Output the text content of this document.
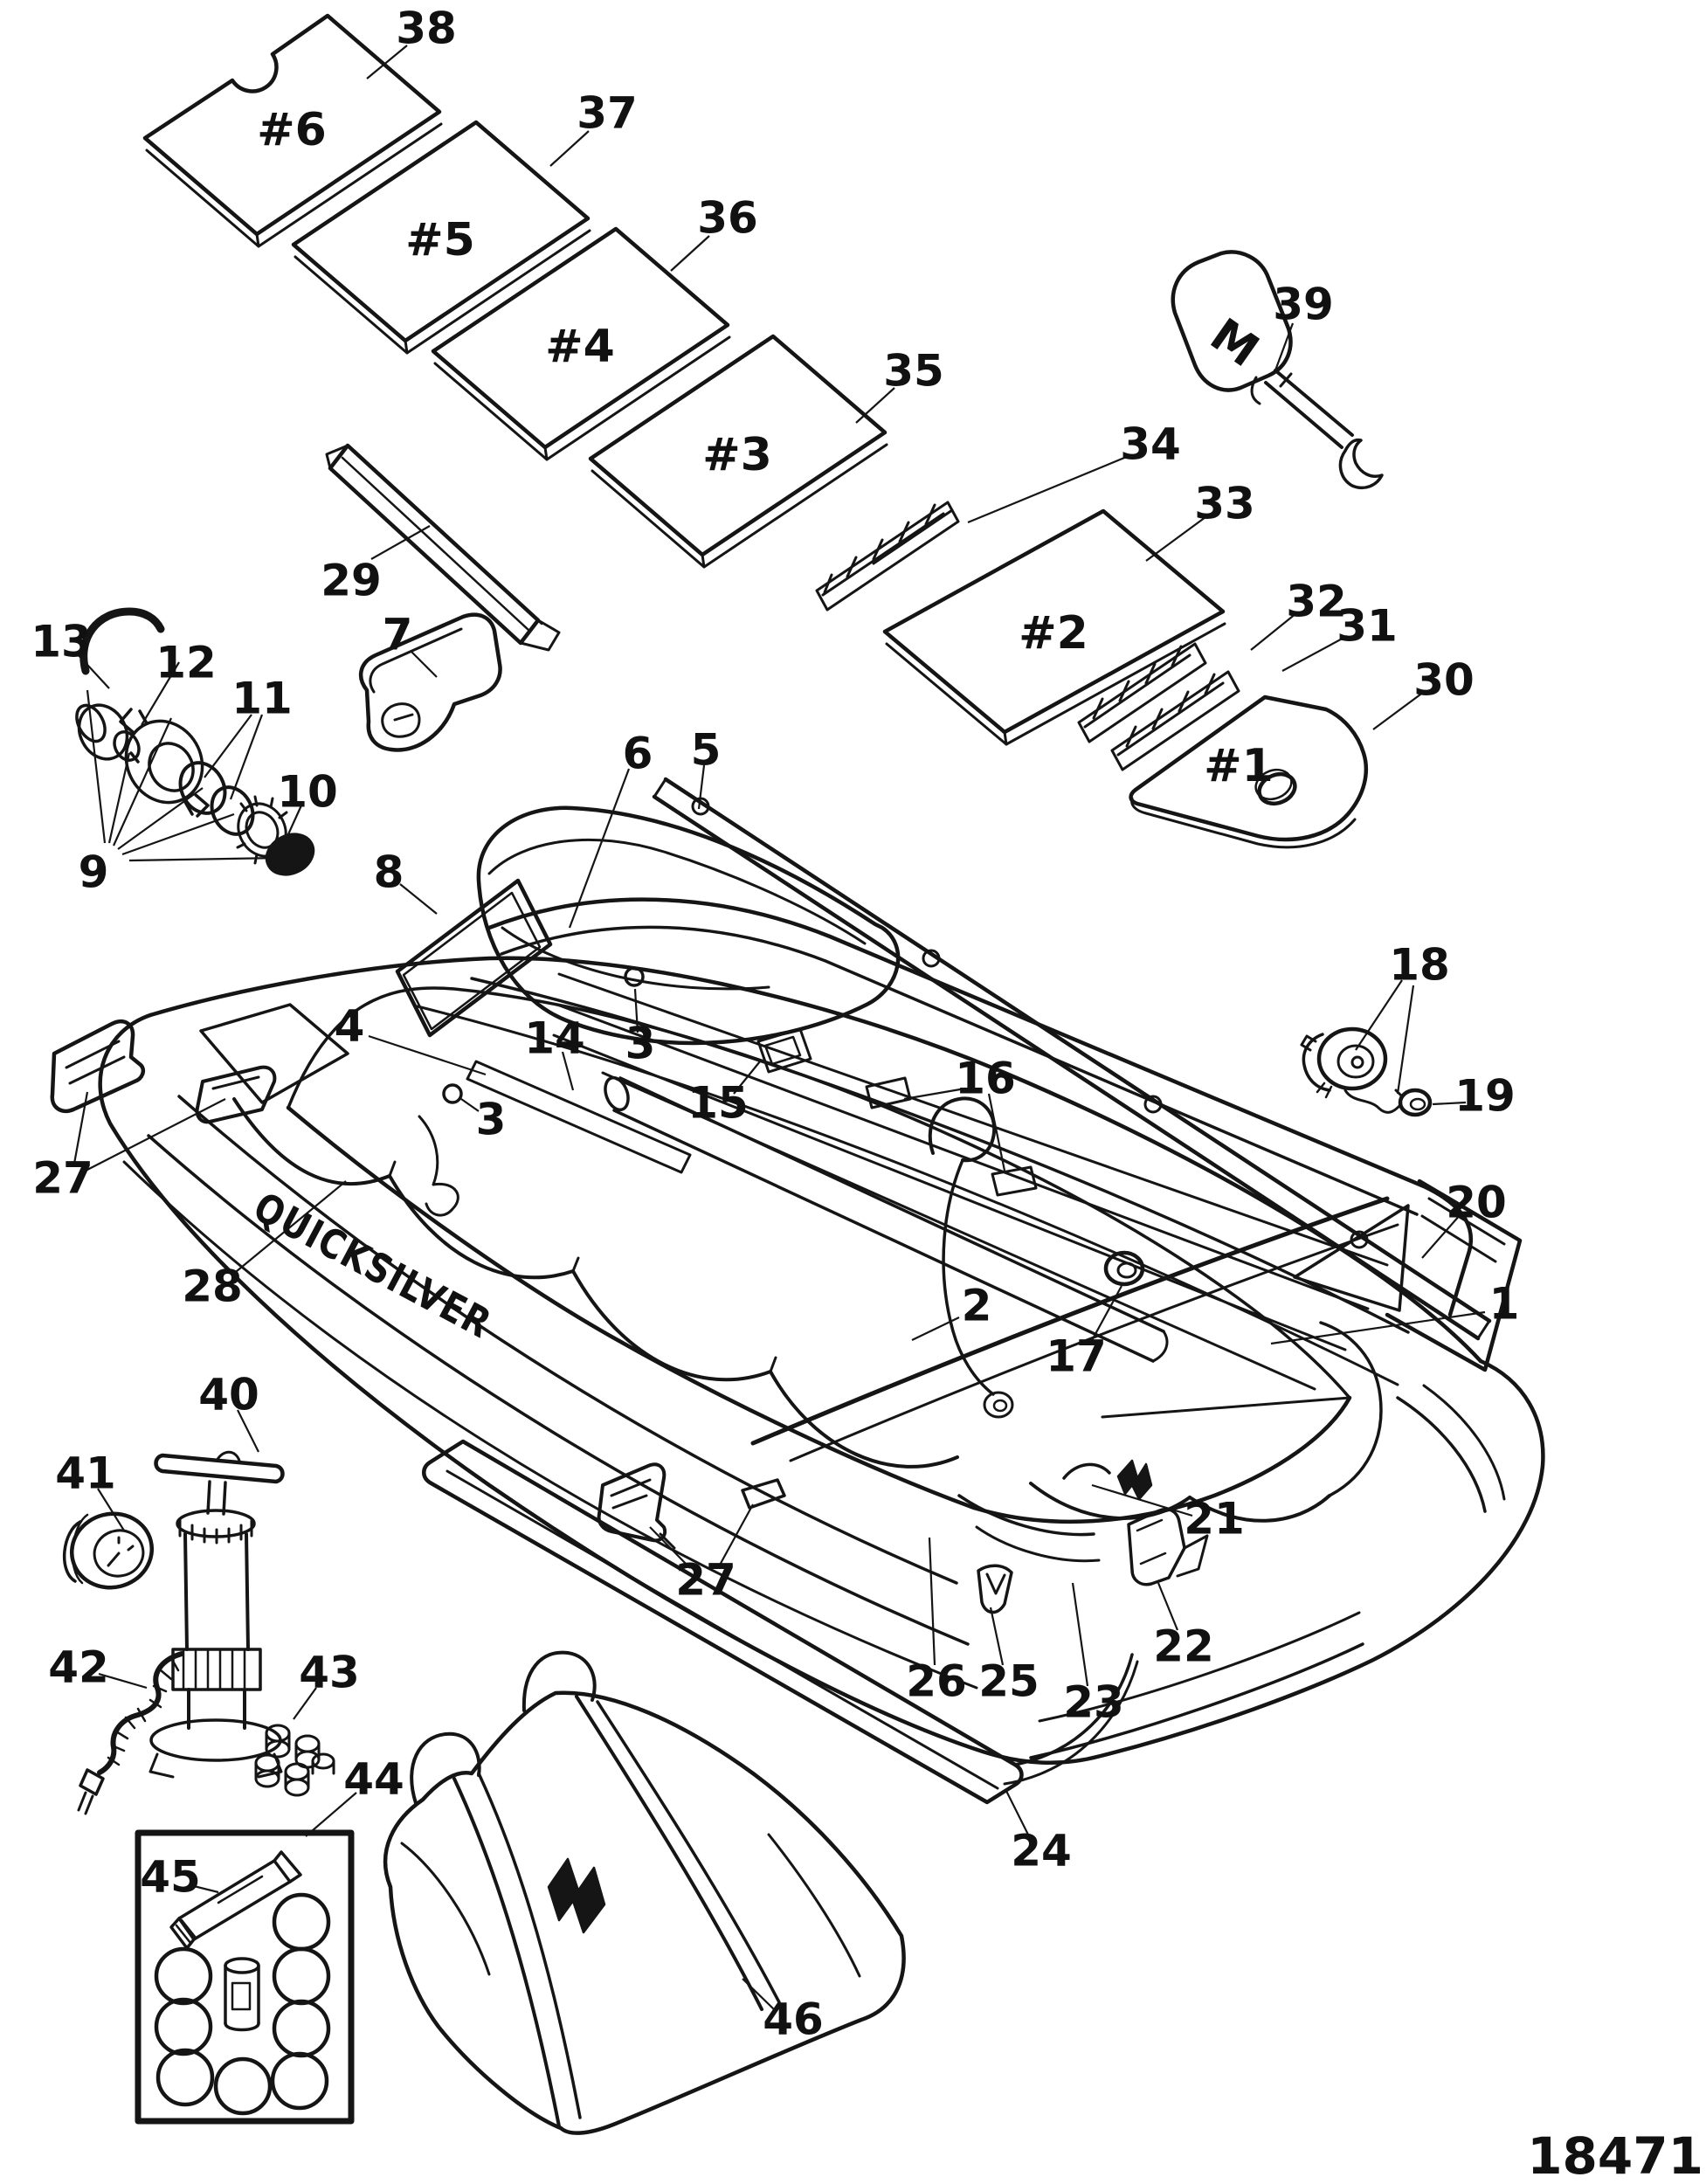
#6
#5
#4
#3
#2
#1
38
37
36
35
29
34
33
32
31
30
39
13 12
11
10
9
7
8
6 5
4	3
3
14
15	16
17
2
18
19
20
1
28
27
27
26 25 23
22
21
24
40
41
42	43
44
45
46
QUICKSILVER
M
18471
